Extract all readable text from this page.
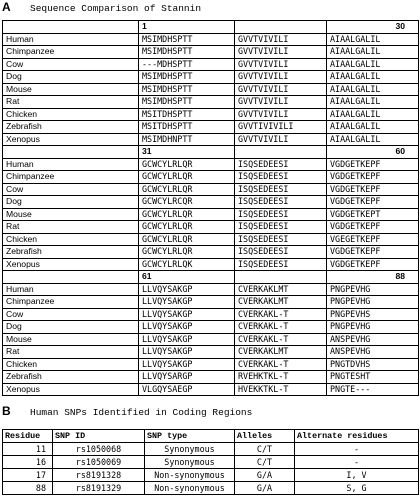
A Sequence Comparison of Stannin
	1		30

Human	MSIMDHSPTT	GVVTVIVILI	AIAALGALIL
Chimpanzee	MSIMDHSPTT	GVVTVIVILI	AIAALGALIL
Cow	---MDHSPTT	GVVTVIVILI	AIAALGALIL
Dog	MSIMDHSPTT	GVVTVIVILI	AIAALGALIL
Mouse	MSIMDHSPTT	GVVTVIVILI	AIAALGALIL
Rat	MSIMDHSPTT	GVVTVIVILI	AIAALGALIL
Chicken	MSITDHSPTT	GVVTVIVILI	AIAALGALIL
Zebrafish	MSITDHSPTT	GVVTIVIVILI	AIAALGALIL
Xenopus	MSIMDHNPTT	GVVTVIVILI	AIAALGALIL
	31		60

Human	GCWCYLRLQR	ISQSEDEESI	VGDGETKEPF
Chimpanzee	GCWCYLRLQR	ISQSEDEESI	VGDGETKEPF
Cow	GCWCYLRLQR	ISQSEDEESI	VGDGETKEPF
Dog	GCWCYLRCQR	ISQSEDEESI	VGDGETKEPF
Mouse	GCWCYLRLQR	ISQSEDEESI	VGDGETKEPT
Rat	GCWCYLRLQR	ISQSEDEESI	VGDGETKEPF
Chicken	GCWCYLRLQR	ISQSEDEESI	VGEGETKEPF
Zebrafish	GCWCYLRLQR	ISQSEDEESI	VGDGETKEPF
Xenopus	GCWCYLRLQK	ISQSEDEESI	VGDGETKEPF
	61		88

Human	LLVQYSAKGP	CVERKAKLMT	PNGPEVHG
Chimpanzee	LLVQYSAKGP	CVERKAKLMT	PNGPEVHG
Cow	LLVQYSAKGP	CVERKAKL-T	PNGPEVHS
Dog	LLVQYSAKGP	CVERKAKL-T	PNGPEVHG
Mouse	LLVQYSAKGP	CVERKAKL-T	ANSPEVHG
Rat	LLVQYSAKGP	CVERKAKLMT	ANSPEVHG
Chicken	LLVQYSAKGP	CVERKAKL-T	PNGTDVHS
Zebrafish	LLVQYSARGP	RVEHKTKL-T	PNGTESHT
Xenopus	VLGQYSAEGP	HVEKKTKL-T	PNGTE---
B Human SNPs Identified in Coding Regions
Residue	SNP ID	SNP type	Alleles	Alternate residues
11	rs1050068	Synonymous	C/T	-
16	rs1050069	Synonymous	C/T	-
17	rs8191328	Non-synonymous	G/A	I, V
88	rs8191329	Non-synonymous	G/A	S, G
